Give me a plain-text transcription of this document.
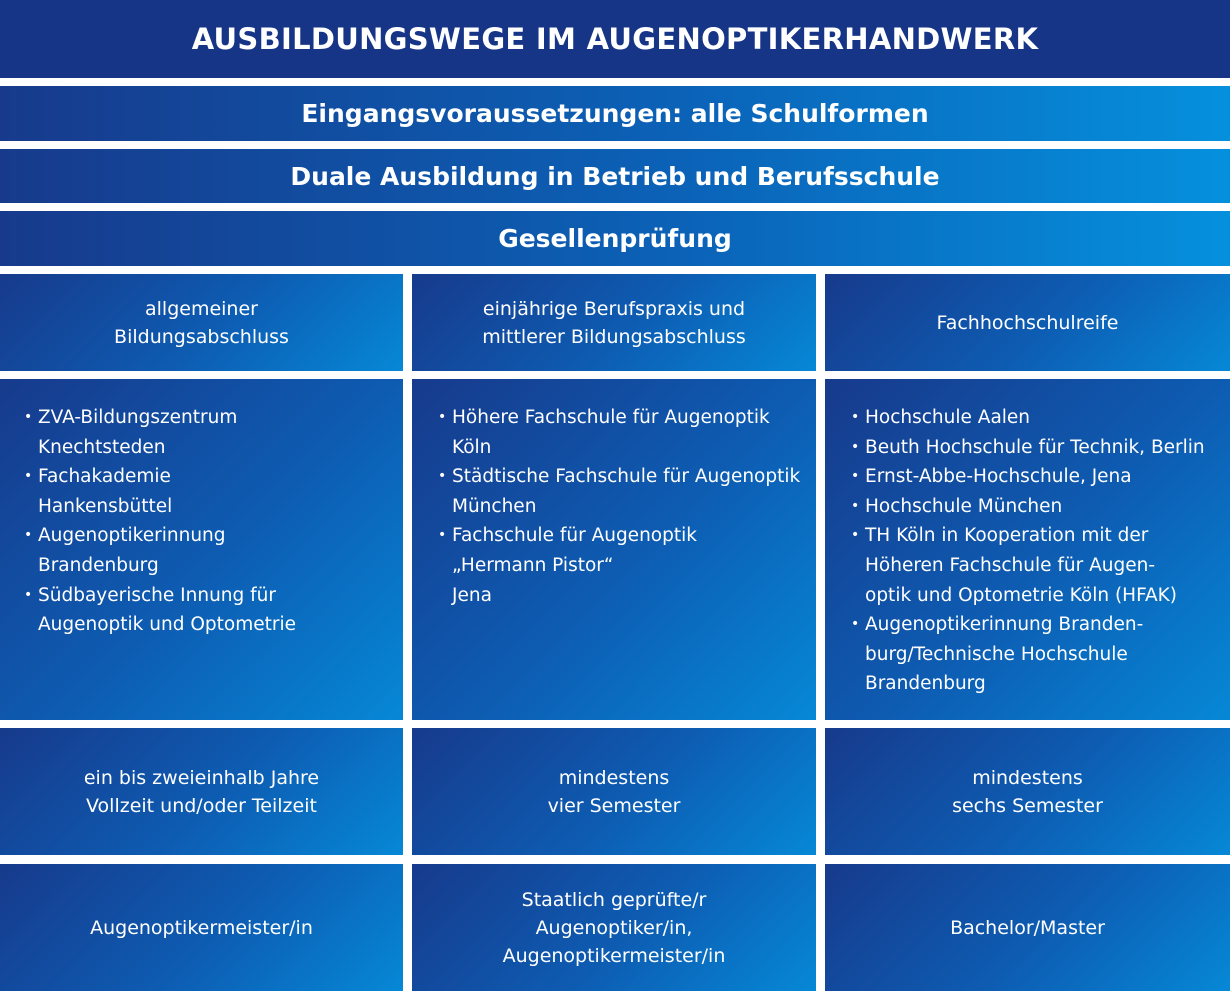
AUSBILDUNGSWEGE IM AUGENOPTIKERHANDWERK
Eingangsvoraussetzungen: alle Schulformen
Duale Ausbildung in Betrieb und Berufsschule
Gesellenprüfung
allgemeiner
Bildungsabschluss
• ZVA-Bildungszentrum
Knechtsteden
• Fachakademie
Hankensbüttel
• Augenoptikerinnung
Brandenburg
• Südbayerische Innung für
Augenoptik und Optometrie
ein bis zweieinhalb Jahre
Vollzeit und/oder Teilzeit
Augenoptikermeister/in
einjährige Berufspraxis und
mittlerer Bildungsabschluss
• Höhere Fachschule für Augenoptik
Köln
• Städtische Fachschule für Augenoptik
München
• Fachschule für Augenoptik
„Hermann Pistor“
Jena
mindestens
vier Semester
Staatlich geprüfte/r
Augenoptiker/in,
Augenoptikermeister/in
Fachhochschulreife
• Hochschule Aalen
• Beuth Hochschule für Technik, Berlin
• Ernst-Abbe-Hochschule, Jena
• Hochschule München
• TH Köln in Kooperation mit der
Höheren Fachschule für Augen-
optik und Optometrie Köln (HFAK)
• Augenoptikerinnung Branden-
burg/Technische Hochschule
Brandenburg
mindestens
sechs Semester
Bachelor/Master
